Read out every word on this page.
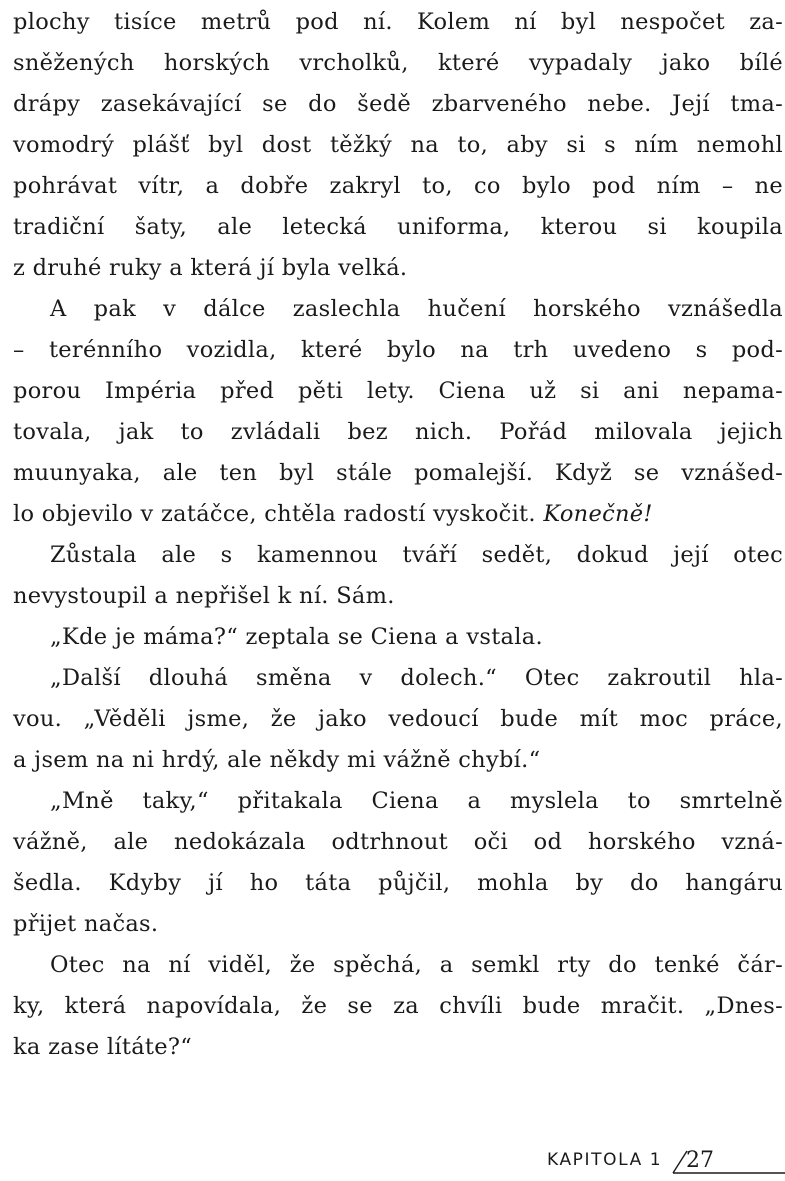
plochy tisíce metrů pod ní. Kolem ní byl nespočet za-
sněžených horských vrcholků, které vypadaly jako bílé
drápy zasekávající se do šedě zbarveného nebe. Její tma-
vomodrý plášť byl dost těžký na to, aby si s ním nemohl
pohrávat vítr, a dobře zakryl to, co bylo pod ním – ne
tradiční šaty, ale letecká uniforma, kterou si koupila
z druhé ruky a která jí byla velká.
A pak v dálce zaslechla hučení horského vznášedla
– terénního vozidla, které bylo na trh uvedeno s pod-
porou Impéria před pěti lety. Ciena už si ani nepama-
tovala, jak to zvládali bez nich. Pořád milovala jejich
muunyaka, ale ten byl stále pomalejší. Když se vznášed-
lo objevilo v zatáčce, chtěla radostí vyskočit. Konečně!
Zůstala ale s kamennou tváří sedět, dokud její otec
nevystoupil a nepřišel k ní. Sám.
„Kde je máma?“ zeptala se Ciena a vstala.
„Další dlouhá směna v dolech.“ Otec zakroutil hla-
vou. „Věděli jsme, že jako vedoucí bude mít moc práce,
a jsem na ni hrdý, ale někdy mi vážně chybí.“
„Mně taky,“ přitakala Ciena a myslela to smrtelně
vážně, ale nedokázala odtrhnout oči od horského vzná-
šedla. Kdyby jí ho táta půjčil, mohla by do hangáru
přijet načas.
Otec na ní viděl, že spěchá, a semkl rty do tenké čár-
ky, která napovídala, že se za chvíli bude mračit. „Dnes-
ka zase lítáte?“
KAPITOLA 1 27
